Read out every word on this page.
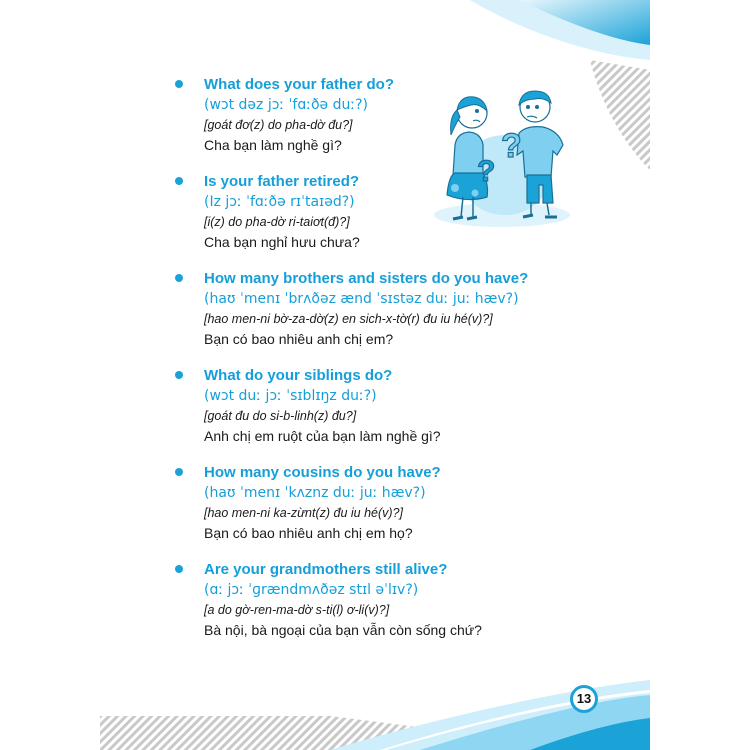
What does your father do?
(wɔt dəz jɔː ˈfɑːðə duː?)
[goát đơ(z) do pha-dờ đu?]
Cha bạn làm nghề gì?
Is your father retired?
(Iz jɔː ˈfɑːðə rɪˈtaɪəd?)
[i(z) do pha-dờ ri-taiơt(đ)?]
Cha bạn nghỉ hưu chưa?
How many brothers and sisters do you have?
(haʊ ˈmenɪ ˈbrʌðəz ænd ˈsɪstəz duː juː hæv?)
[hao men-ni bờ-za-dờ(z) en sich-x-tờ(r) đu iu hé(v)?]
Bạn có bao nhiêu anh chị em?
What do your siblings do?
(wɔt duː jɔː ˈsɪblɪŋz duː?)
[goát đu do si-b-linh(z) đu?]
Anh chị em ruột của bạn làm nghề gì?
How many cousins do you have?
(haʊ ˈmenɪ ˈkʌznz duː juː hæv?)
[hao men-ni ka-zừnt(z) đu iu hé(v)?]
Bạn có bao nhiêu anh chị em họ?
Are your grandmothers still alive?
(ɑː jɔː ˈɡrændmʌðəz stɪl əˈlɪv?)
[a do gờ-ren-ma-dờ s-ti(l) ơ-li(v)?]
Bà nội, bà ngoại của bạn vẫn còn sống chứ?
?
?
13
